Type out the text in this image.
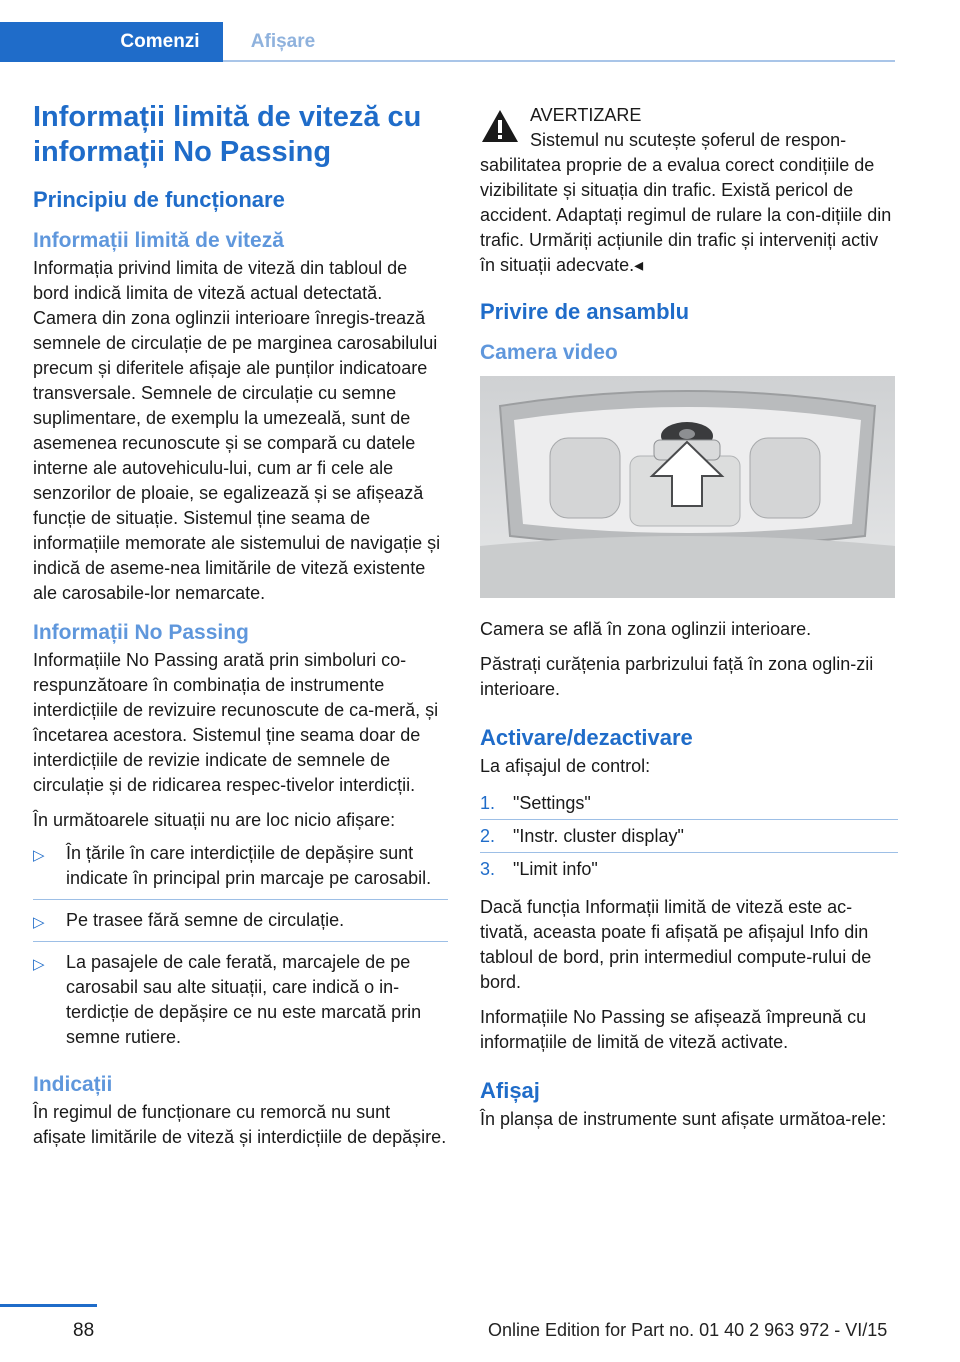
Comenzi	Afișare
Informații limită de viteză cu informații No Passing
Principiu de funcționare
Informații limită de viteză

Informația privind limita de viteză din tabloul de bord indică limita de viteză actual detectată. Camera din zona oglinzii interioare înregis-trează semnele de circulație de pe marginea carosabilului precum și diferitele afișaje ale punților indicatoare transversale. Semnele de circulație cu semne suplimentare, de exemplu la umezeală, sunt de asemenea recunoscute și se compară cu datele interne ale autovehiculu-lui, cum ar fi cele ale senzorilor de ploaie, se egalizează și se afișează funcție de situație. Sistemul ține seama de informațiile memorate ale sistemului de navigație și indică de aseme-nea limitările de viteză existente ale carosabile-lor nemarcate.

Informații No Passing

Informațiile No Passing arată prin simboluri co-respunzătoare în combinația de instrumente interdicțiile de revizuire recunoscute de ca-meră, și încetarea acestora. Sistemul ține seama doar de interdicțiile de revizie indicate de semnele de circulație și de ridicarea respec-tivelor interdicții.

În următoarele situații nu are loc nicio afișare:

▷ În țările în care interdicțiile de depășire sunt indicate în principal prin marcaje pe carosabil.
▷ Pe trasee fără semne de circulație.
▷ La pasajele de cale ferată, marcajele de pe carosabil sau alte situații, care indică o in-terdicție de depășire ce nu este marcată prin semne rutiere.
Indicații

În regimul de funcționare cu remorcă nu sunt afișate limitările de viteză și interdicțiile de depășire.

AVERTIZARE

Sistemul nu scutește șoferul de respon-

sabilitatea proprie de a evalua corect condițiile de vizibilitate și situația din trafic. Există pericol de accident. Adaptați regimul de rulare la con-dițiile din trafic. Urmăriți acțiunile din trafic și interveniți activ în situații adecvate.◂

Privire de ansamblu
Camera video

Camera se află în zona oglinzii interioare.

Păstrați curățenia parbrizului față în zona oglin-zii interioare.

Activare/dezactivare

La afișajul de control:

1. "Settings"
2. "Instr. cluster display"
3. "Limit info"

Dacă funcția Informații limită de viteză este ac-tivată, aceasta poate fi afișată pe afișajul Info din tabloul de bord, prin intermediul compute-rului de bord.

Informațiile No Passing se afișează împreună cu informațiile de limită de viteză activate.

Afișaj

În planșa de instrumente sunt afișate următoa-rele:

88	Online Edition for Part no. 01 40 2 963 972 - VI/15
